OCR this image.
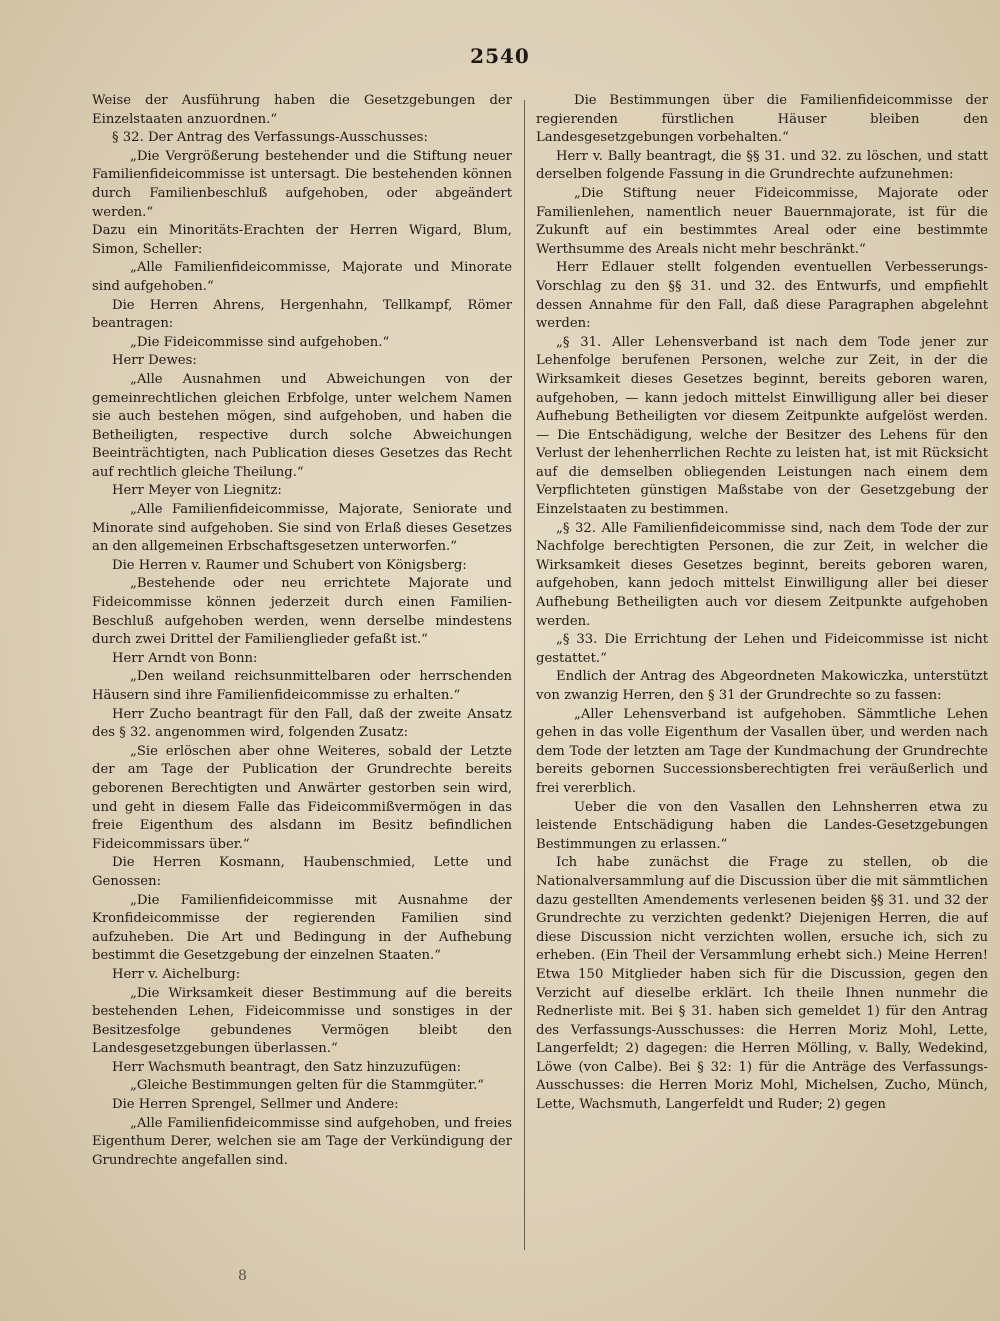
2540

Weise der Ausführung haben die Gesetzgebungen der Einzelstaaten anzuordnen.“

§ 32. Der Antrag des Verfassungs-Ausschusses:

„Die Vergrößerung bestehender und die Stiftung neuer Familienfideicommisse ist untersagt. Die bestehenden können durch Familienbeschluß aufgehoben, oder abgeändert werden.“

Dazu ein Minoritäts-Erachten der Herren Wigard, Blum, Simon, Scheller:

„Alle Familienfideicommisse, Majorate und Minorate sind aufgehoben.“

Die Herren Ahrens, Hergenhahn, Tellkampf, Römer beantragen:

„Die Fideicommisse sind aufgehoben.“

Herr Dewes:

„Alle Ausnahmen und Abweichungen von der gemeinrechtlichen gleichen Erbfolge, unter welchem Namen sie auch bestehen mögen, sind aufgehoben, und haben die Betheiligten, respective durch solche Abweichungen Beeinträchtigten, nach Publication dieses Gesetzes das Recht auf rechtlich gleiche Theilung.“

Herr Meyer von Liegnitz:

„Alle Familienfideicommisse, Majorate, Seniorate und Minorate sind aufgehoben. Sie sind von Erlaß dieses Gesetzes an den allgemeinen Erbschaftsgesetzen unterworfen.“

Die Herren v. Raumer und Schubert von Königsberg:

„Bestehende oder neu errichtete Majorate und Fideicommisse können jederzeit durch einen Familien-Beschluß aufgehoben werden, wenn derselbe mindestens durch zwei Drittel der Familienglieder gefaßt ist.“

Herr Arndt von Bonn:

„Den weiland reichsunmittelbaren oder herrschenden Häusern sind ihre Familienfideicommisse zu erhalten.“

Herr Zucho beantragt für den Fall, daß der zweite Ansatz des § 32. angenommen wird, folgenden Zusatz:

„Sie erlöschen aber ohne Weiteres, sobald der Letzte der am Tage der Publication der Grundrechte bereits geborenen Berechtigten und Anwärter gestorben sein wird, und geht in diesem Falle das Fideicommißvermögen in das freie Eigenthum des alsdann im Besitz befindlichen Fideicommissars über.“

Die Herren Kosmann, Haubenschmied, Lette und Genossen:

„Die Familienfideicommisse mit Ausnahme der Kronfideicommisse der regierenden Familien sind aufzuheben. Die Art und Bedingung in der Aufhebung bestimmt die Gesetzgebung der einzelnen Staaten.“

Herr v. Aichelburg:

„Die Wirksamkeit dieser Bestimmung auf die bereits bestehenden Lehen, Fideicommisse und sonstiges in der Besitzesfolge gebundenes Vermögen bleibt den Landesgesetzgebungen überlassen.“

Herr Wachsmuth beantragt, den Satz hinzuzufügen:

„Gleiche Bestimmungen gelten für die Stammgüter.“

Die Herren Sprengel, Sellmer und Andere:

„Alle Familienfideicommisse sind aufgehoben, und freies Eigenthum Derer, welchen sie am Tage der Verkündigung der Grundrechte angefallen sind.

Die Bestimmungen über die Familienfideicommisse der regierenden fürstlichen Häuser bleiben den Landesgesetzgebungen vorbehalten.“

Herr v. Bally beantragt, die §§ 31. und 32. zu löschen, und statt derselben folgende Fassung in die Grundrechte aufzunehmen:

„Die Stiftung neuer Fideicommisse, Majorate oder Familienlehen, namentlich neuer Bauernmajorate, ist für die Zukunft auf ein bestimmtes Areal oder eine bestimmte Werthsumme des Areals nicht mehr beschränkt.“

Herr Edlauer stellt folgenden eventuellen Verbesserungs-Vorschlag zu den §§ 31. und 32. des Entwurfs, und empfiehlt dessen Annahme für den Fall, daß diese Paragraphen abgelehnt werden:

„§ 31. Aller Lehensverband ist nach dem Tode jener zur Lehenfolge berufenen Personen, welche zur Zeit, in der die Wirksamkeit dieses Gesetzes beginnt, bereits geboren waren, aufgehoben, — kann jedoch mittelst Einwilligung aller bei dieser Aufhebung Betheiligten vor diesem Zeitpunkte aufgelöst werden. — Die Entschädigung, welche der Besitzer des Lehens für den Verlust der lehenherrlichen Rechte zu leisten hat, ist mit Rücksicht auf die demselben obliegenden Leistungen nach einem dem Verpflichteten günstigen Maßstabe von der Gesetzgebung der Einzelstaaten zu bestimmen.

„§ 32. Alle Familienfideicommisse sind, nach dem Tode der zur Nachfolge berechtigten Personen, die zur Zeit, in welcher die Wirksamkeit dieses Gesetzes beginnt, bereits geboren waren, aufgehoben, kann jedoch mittelst Einwilligung aller bei dieser Aufhebung Betheiligten auch vor diesem Zeitpunkte aufgehoben werden.

„§ 33. Die Errichtung der Lehen und Fideicommisse ist nicht gestattet.“

Endlich der Antrag des Abgeordneten Makowiczka, unterstützt von zwanzig Herren, den § 31 der Grundrechte so zu fassen:

„Aller Lehensverband ist aufgehoben. Sämmtliche Lehen gehen in das volle Eigenthum der Vasallen über, und werden nach dem Tode der letzten am Tage der Kundmachung der Grundrechte bereits gebornen Successionsberechtigten frei veräußerlich und frei vererblich.

Ueber die von den Vasallen den Lehnsherren etwa zu leistende Entschädigung haben die Landes-Gesetzgebungen Bestimmungen zu erlassen.“

Ich habe zunächst die Frage zu stellen, ob die Nationalversammlung auf die Discussion über die mit sämmtlichen dazu gestellten Amendements verlesenen beiden §§ 31. und 32 der Grundrechte zu verzichten gedenkt? Diejenigen Herren, die auf diese Discussion nicht verzichten wollen, ersuche ich, sich zu erheben. (Ein Theil der Versammlung erhebt sich.) Meine Herren! Etwa 150 Mitglieder haben sich für die Discussion, gegen den Verzicht auf dieselbe erklärt. Ich theile Ihnen nunmehr die Rednerliste mit. Bei § 31. haben sich gemeldet 1) für den Antrag des Verfassungs-Ausschusses: die Herren Moriz Mohl, Lette, Langerfeldt; 2) dagegen: die Herren Mölling, v. Bally, Wedekind, Löwe (von Calbe). Bei § 32: 1) für die Anträge des Verfassungs-Ausschusses: die Herren Moriz Mohl, Michelsen, Zucho, Münch, Lette, Wachsmuth, Langerfeldt und Ruder; 2) gegen

8
